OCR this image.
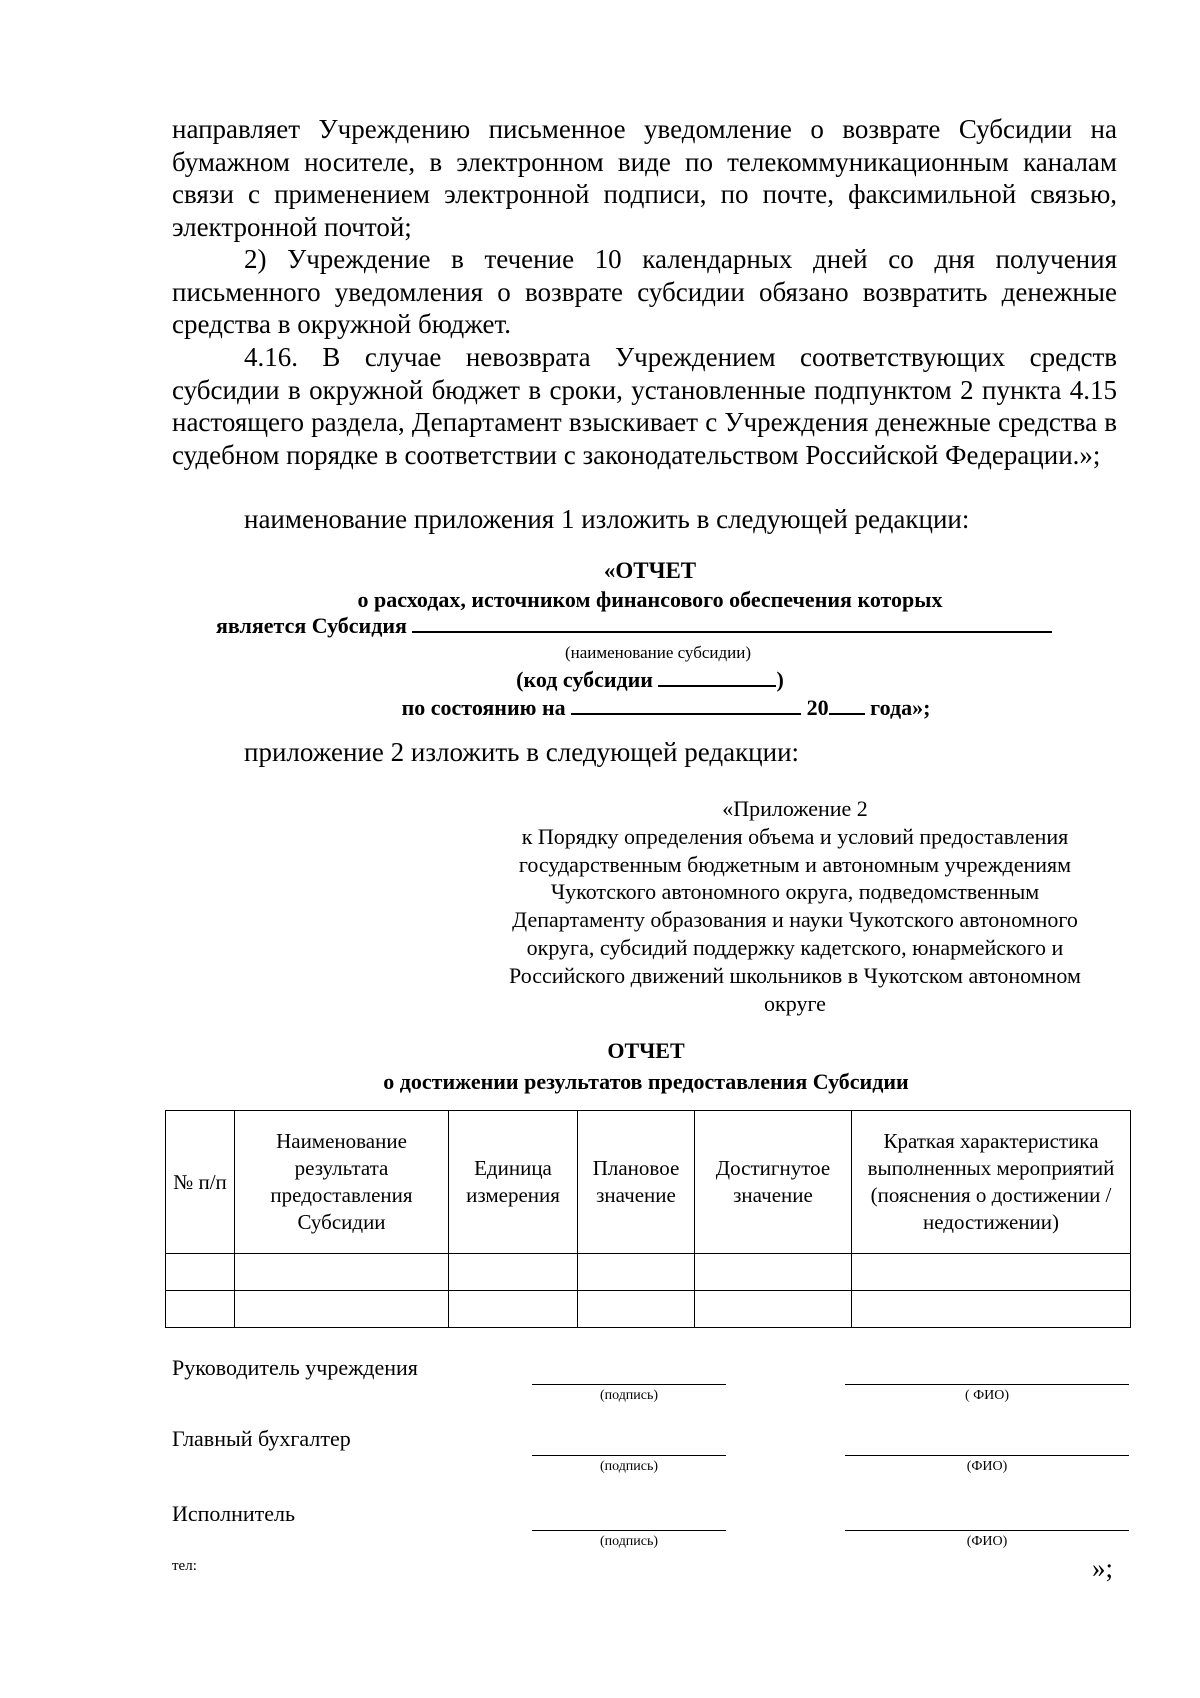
направляет Учреждению письменное уведомление о возврате Субсидии на бумажном носителе, в электронном виде по телекоммуникационным каналам связи с применением электронной подписи, по почте, факсимильной связью, электронной почтой;
2) Учреждение в течение 10 календарных дней со дня получения письменного уведомления о возврате субсидии обязано возвратить денежные средства в окружной бюджет.
4.16. В случае невозврата Учреждением соответствующих средств субсидии в окружной бюджет в сроки, установленные подпунктом 2 пункта 4.15 настоящего раздела, Департамент взыскивает с Учреждения денежные средства в судебном порядке в соответствии с законодательством Российской Федерации.»;
наименование приложения 1 изложить в следующей редакции:
«ОТЧЕТ
о расходах, источником финансового обеспечения которых
является Субсидия
(наименование субсидии)
(код субсидии	)
по состоянию на	20 года»;
приложение 2 изложить в следующей редакции:
«Приложение 2
к Порядку определения объема и условий предоставления
государственным бюджетным и автономным учреждениям
Чукотского автономного округа, подведомственным
Департаменту образования и науки Чукотского автономного
округа, субсидий поддержку кадетского, юнармейского и
Российского движений школьников в Чукотском автономном
округе
ОТЧЕТ
о достижении результатов предоставления Субсидии
№ п/п	Наименование результата предоставления Субсидии	Единица измерения	Плановое значение	Достигнутое значение	Краткая характеристика выполненных мероприятий (пояснения о достижении / недостижении)

Руководитель учреждения
(подпись)	( ФИО)
Главный бухгалтер
(подпись)	(ФИО)
Исполнитель
(подпись)	(ФИО)
тел:	»;
